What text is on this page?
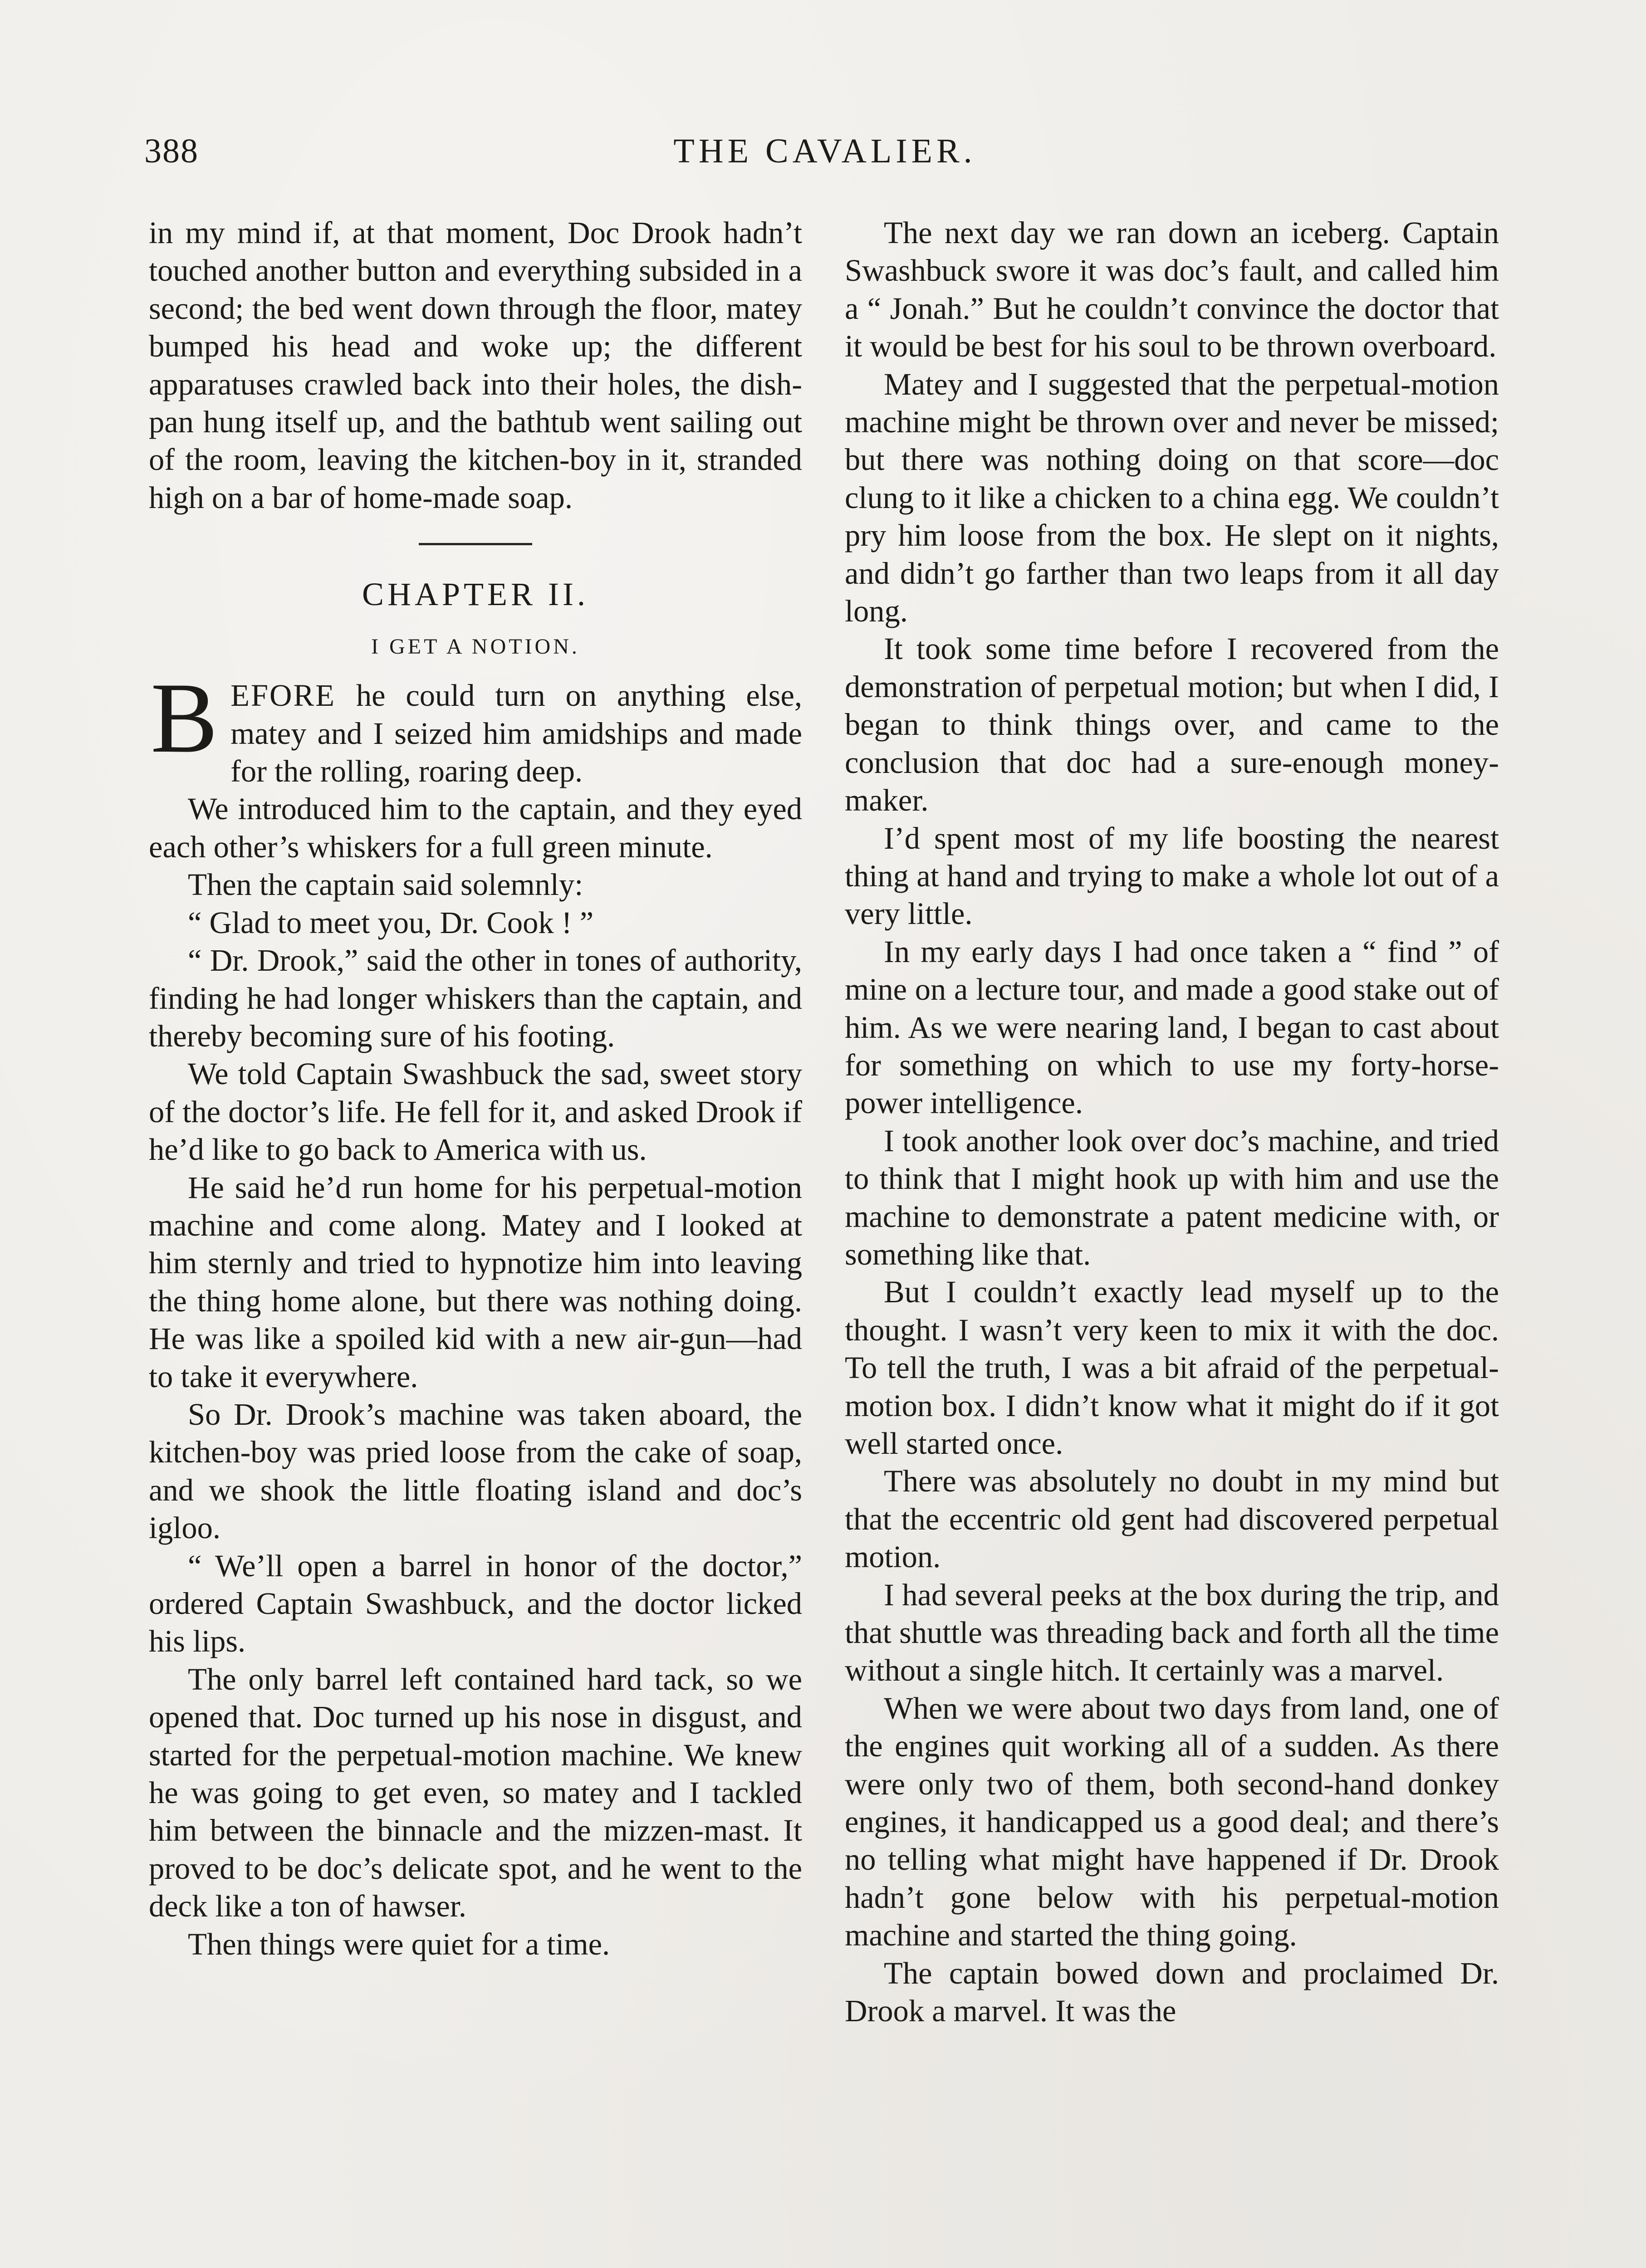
388	THE CAVALIER.

in my mind if, at that moment, Doc Drook hadn’t touched another button and everything subsided in a second; the bed went down through the floor, matey bumped his head and woke up; the different apparatuses crawled back into their holes, the dish-pan hung itself up, and the bathtub went sailing out of the room, leaving the kitchen-boy in it, stranded high on a bar of home-made soap.

CHAPTER II.
I GET A NOTION.

BEFORE he could turn on anything else, matey and I seized him amidships and made for the rolling, roaring deep.

We introduced him to the captain, and they eyed each other’s whiskers for a full green minute.

Then the captain said solemnly:

“ Glad to meet you, Dr. Cook ! ”

“ Dr. Drook,” said the other in tones of authority, finding he had longer whiskers than the captain, and thereby becoming sure of his footing.

We told Captain Swashbuck the sad, sweet story of the doctor’s life. He fell for it, and asked Drook if he’d like to go back to America with us.

He said he’d run home for his perpetual-motion machine and come along. Matey and I looked at him sternly and tried to hypnotize him into leaving the thing home alone, but there was nothing doing. He was like a spoiled kid with a new air-gun—had to take it everywhere.

So Dr. Drook’s machine was taken aboard, the kitchen-boy was pried loose from the cake of soap, and we shook the little floating island and doc’s igloo.

“ We’ll open a barrel in honor of the doctor,” ordered Captain Swashbuck, and the doctor licked his lips.

The only barrel left contained hard tack, so we opened that. Doc turned up his nose in disgust, and started for the perpetual-motion machine. We knew he was going to get even, so matey and I tackled him between the binnacle and the mizzen-mast. It proved to be doc’s delicate spot, and he went to the deck like a ton of hawser.

Then things were quiet for a time.

The next day we ran down an iceberg. Captain Swashbuck swore it was doc’s fault, and called him a “ Jonah.” But he couldn’t convince the doctor that it would be best for his soul to be thrown overboard.

Matey and I suggested that the perpetual-motion machine might be thrown over and never be missed; but there was nothing doing on that score—doc clung to it like a chicken to a china egg. We couldn’t pry him loose from the box. He slept on it nights, and didn’t go farther than two leaps from it all day long.

It took some time before I recovered from the demonstration of perpetual motion; but when I did, I began to think things over, and came to the conclusion that doc had a sure-enough money-maker.

I’d spent most of my life boosting the nearest thing at hand and trying to make a whole lot out of a very little.

In my early days I had once taken a “ find ” of mine on a lecture tour, and made a good stake out of him. As we were nearing land, I began to cast about for something on which to use my forty-horse-power intelligence.

I took another look over doc’s machine, and tried to think that I might hook up with him and use the machine to demonstrate a patent medicine with, or something like that.

But I couldn’t exactly lead myself up to the thought. I wasn’t very keen to mix it with the doc. To tell the truth, I was a bit afraid of the perpetual-motion box. I didn’t know what it might do if it got well started once.

There was absolutely no doubt in my mind but that the eccentric old gent had discovered perpetual motion.

I had several peeks at the box during the trip, and that shuttle was threading back and forth all the time without a single hitch. It certainly was a marvel.

When we were about two days from land, one of the engines quit working all of a sudden. As there were only two of them, both second-hand donkey engines, it handicapped us a good deal; and there’s no telling what might have happened if Dr. Drook hadn’t gone below with his perpetual-motion machine and started the thing going.

The captain bowed down and proclaimed Dr. Drook a marvel. It was the
